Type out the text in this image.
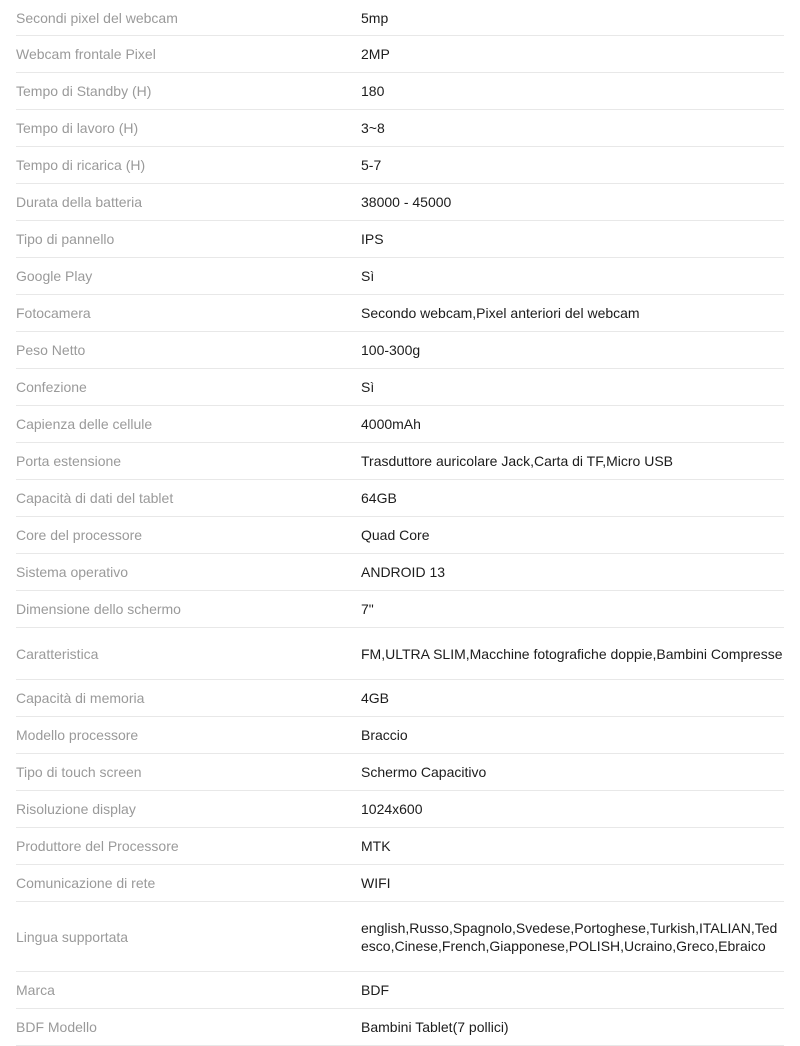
Secondi pixel del webcam	5mp
Webcam frontale Pixel	2MP
Tempo di Standby (H)	180
Tempo di lavoro (H)	3~8
Tempo di ricarica (H)	5-7
Durata della batteria	38000 - 45000
Tipo di pannello	IPS
Google Play	Sì
Fotocamera	Secondo webcam,Pixel anteriori del webcam
Peso Netto	100-300g
Confezione	Sì
Capienza delle cellule	4000mAh
Porta estensione	Trasduttore auricolare Jack,Carta di TF,Micro USB
Capacità di dati del tablet	64GB
Core del processore	Quad Core
Sistema operativo	ANDROID 13
Dimensione dello schermo	7"
Caratteristica	FM,ULTRA SLIM,Macchine fotografiche doppie,Bambini Compresse
Capacità di memoria	4GB
Modello processore	Braccio
Tipo di touch screen	Schermo Capacitivo
Risoluzione display	1024x600
Produttore del Processore	MTK
Comunicazione di rete	WIFI
Lingua supportata	english,Russo,Spagnolo,Svedese,Portoghese,Turkish,ITALIAN,Tedesco,Cinese,French,Giapponese,POLISH,Ucraino,Greco,Ebraico
Marca	BDF
BDF Modello	Bambini Tablet(7 pollici)
